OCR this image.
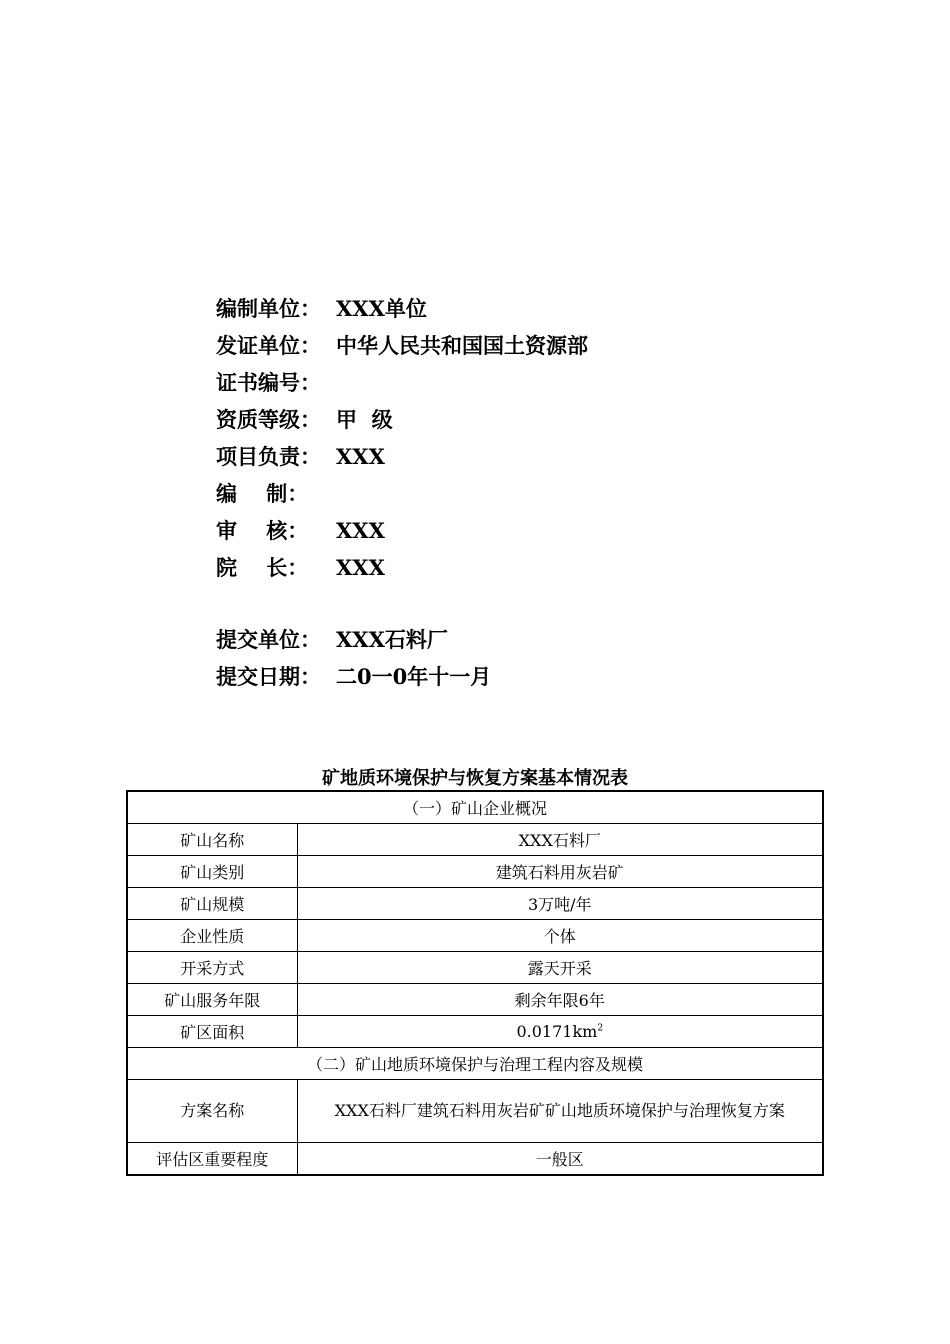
编制单位： XXX单位
发证单位： 中华人民共和国国土资源部
证书编号：
资质等级： 甲  级
项目负责： XXX
编    制：
审    核： XXX
院    长： XXX
提交单位： XXX石料厂
提交日期： 二0一0年十一月
矿地质环境保护与恢复方案基本情况表
（一）矿山企业概况	
矿山名称	XXX石料厂
矿山类别	建筑石料用灰岩矿
矿山规模	3万吨/年
企业性质	个体
开采方式	露天开采
矿山服务年限	剩余年限6年
矿区面积	$0.0171km^2$
（二）矿山地质环境保护与治理工程内容及规模	
方案名称	XXX石料厂建筑石料用灰岩矿矿山地质环境保护与治理恢复方案
评估区重要程度	一般区
